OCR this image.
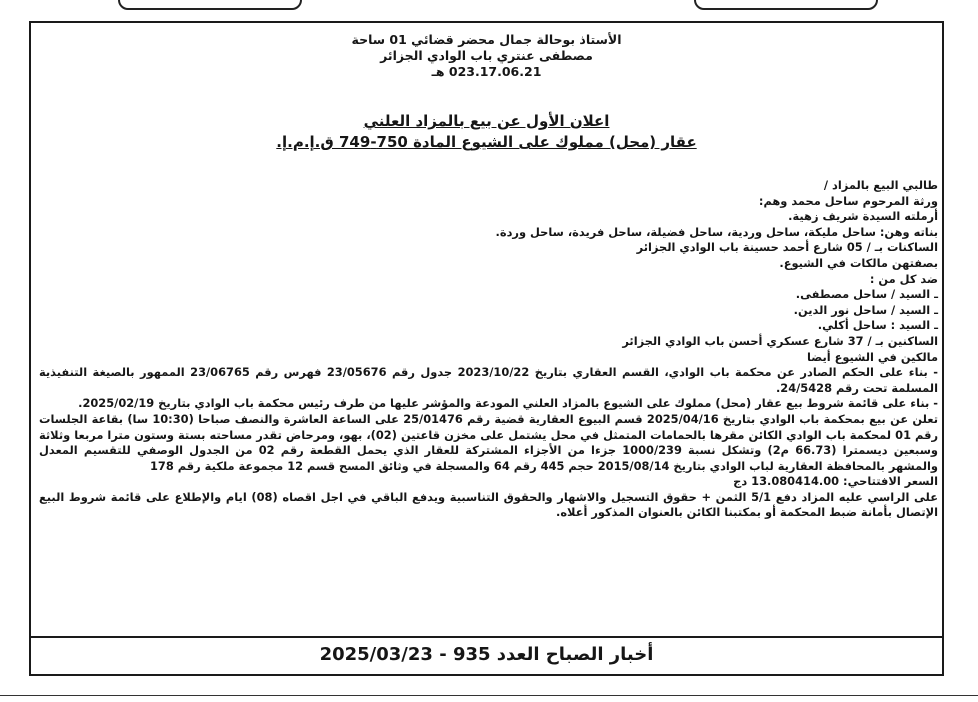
الأستاذ بوحالة جمال محضر قضائي 01 ساحة
مصطفى عنتري باب الوادي الجزائر
023.17.06.21 هـ
اعلان الأول عن بيع بالمزاد العلني
عقار (محل) مملوك على الشيوع المادة 750-749 ق.إ.م.إ.
طالبي البيع بالمزاد /
ورثة المرحوم ساحل محمد وهم:
أرملته السيدة شريف زهية.
بناته وهن: ساحل مليكة، ساحل وردية، ساحل فضيلة، ساحل فريدة، ساحل وردة.
الساكنات بـ / 05 شارع أحمد حسينة باب الوادي الجزائر
بصفتهن مالكات في الشيوع.
ضد كل من :
ـ السيد / ساحل مصطفى.
ـ السيد / ساحل نور الدين.
ـ السيد : ساحل أكلي.
الساكنين بـ / 37 شارع عسكري أحسن باب الوادي الجزائر
مالكين في الشيوع أيضا
- بناء على الحكم الصادر عن محكمة باب الوادي، القسم العقاري بتاريخ 2023/10/22 جدول رقم 23/05676 فهرس رقم 23/06765 الممهور بالصيغة التنفيذية المسلمة تحت رقم 24/5428.
- بناء على قائمة شروط بيع عقار (محل) مملوك على الشيوع بالمزاد العلني المودعة والمؤشر عليها من طرف رئيس محكمة باب الوادي بتاريخ 2025/02/19.
تعلن عن بيع بمحكمة باب الوادي بتاريخ 2025/04/16 قسم البيوع العقارية قضية رقم 25/01476 على الساعة العاشرة والنصف صباحا (10:30 سا) بقاعة الجلسات رقم 01 لمحكمة باب الوادي الكائن مقرها بالحمامات المتمثل في محل يشتمل على مخزن قاعتين (02)، بهو، ومرحاض تقدر مساحته بستة وستون مترا مربعا وثلاثة وسبعين ديسمترا (66.73 م2) وتشكل نسبة 1000/239 جزءا من الأجزاء المشتركة للعقار الذي يحمل القطعة رقم 02 من الجدول الوصفي للتقسيم المعدل والمشهر بالمحافظة العقارية لباب الوادي بتاريخ 2015/08/14 حجم 445 رقم 64 والمسجلة في وثائق المسح قسم 12 مجموعة ملكية رقم 178
السعر الافتتاحي: 13.080414.00 دج
على الراسي عليه المزاد دفع 5/1 الثمن + حقوق التسجيل والاشهار والحقوق التناسبية ويدفع الباقي في اجل اقصاه (08) ايام والإطلاع على قائمة شروط البيع الإتصال بأمانة ضبط المحكمة أو بمكتبنا الكائن بالعنوان المذكور أعلاه.
أخبار الصباح العدد 935 - 2025/03/23
